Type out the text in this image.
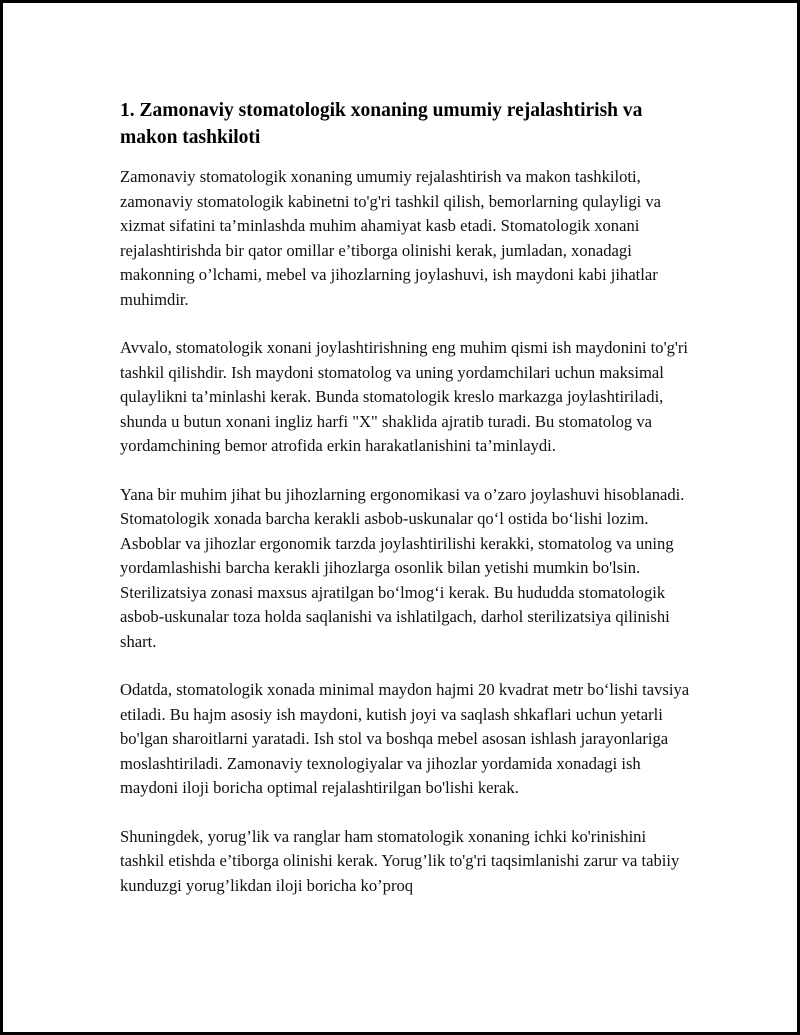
1. Zamonaviy stomatologik xonaning umumiy rejalashtirish va makon tashkiloti

Zamonaviy stomatologik xonaning umumiy rejalashtirish va makon tashkiloti, zamonaviy stomatologik kabinetni to'g'ri tashkil qilish, bemorlarning qulayligi va xizmat sifatini ta’minlashda muhim ahamiyat kasb etadi. Stomatologik xonani rejalashtirishda bir qator omillar e’tiborga olinishi kerak, jumladan, xonadagi makonning o’lchami, mebel va jihozlarning joylashuvi, ish maydoni kabi jihatlar muhimdir.

Avvalo, stomatologik xonani joylashtirishning eng muhim qismi ish maydonini to'g'ri tashkil qilishdir. Ish maydoni stomatolog va uning yordamchilari uchun maksimal qulaylikni ta’minlashi kerak. Bunda stomatologik kreslo markazga joylashtiriladi, shunda u butun xonani ingliz harfi "X" shaklida ajratib turadi. Bu stomatolog va yordamchining bemor atrofida erkin harakatlanishini ta’minlaydi.

Yana bir muhim jihat bu jihozlarning ergonomikasi va o’zaro joylashuvi hisoblanadi. Stomatologik xonada barcha kerakli asbob-uskunalar qo‘l ostida bo‘lishi lozim. Asboblar va jihozlar ergonomik tarzda joylashtirilishi kerakki, stomatolog va uning yordamlashishi barcha kerakli jihozlarga osonlik bilan yetishi mumkin bo'lsin. Sterilizatsiya zonasi maxsus ajratilgan bo‘lmog‘i kerak. Bu hududda stomatologik asbob-uskunalar toza holda saqlanishi va ishlatilgach, darhol sterilizatsiya qilinishi shart.

Odatda, stomatologik xonada minimal maydon hajmi 20 kvadrat metr bo‘lishi tavsiya etiladi. Bu hajm asosiy ish maydoni, kutish joyi va saqlash shkaflari uchun yetarli bo'lgan sharoitlarni yaratadi. Ish stol va boshqa mebel asosan ishlash jarayonlariga moslashtiriladi. Zamonaviy texnologiyalar va jihozlar yordamida xonadagi ish maydoni iloji boricha optimal rejalashtirilgan bo'lishi kerak.

Shuningdek, yorug’lik va ranglar ham stomatologik xonaning ichki ko'rinishini tashkil etishda e’tiborga olinishi kerak. Yorug’lik to'g'ri taqsimlanishi zarur va tabiiy kunduzgi yorug’likdan iloji boricha ko’proq
